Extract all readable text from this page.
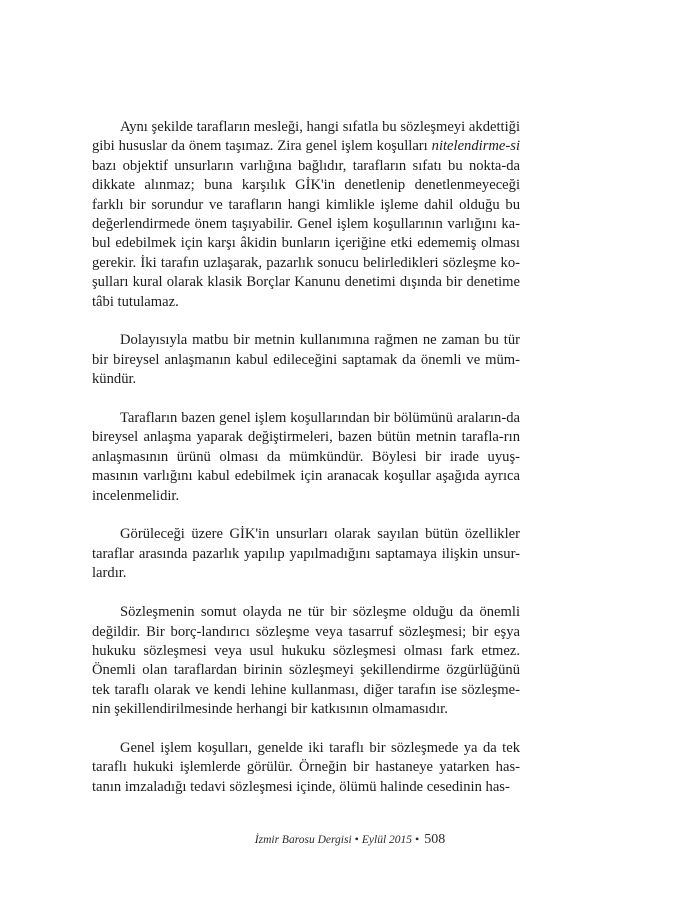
Aynı şekilde tarafların mesleği, hangi sıfatla bu sözleşmeyi akdettiği gibi hususlar da önem taşımaz. Zira genel işlem koşulları nitelendirme-si bazı objektif unsurların varlığına bağlıdır, tarafların sıfatı bu nokta-da dikkate alınmaz; buna karşılık GİK'in denetlenip denetlenmeyeceği farklı bir sorundur ve tarafların hangi kimlikle işleme dahil olduğu bu değerlendirmede önem taşıyabilir. Genel işlem koşullarının varlığını ka-bul edebilmek için karşı âkidin bunların içeriğine etki edememiş olması gerekir. İki tarafın uzlaşarak, pazarlık sonucu belirledikleri sözleşme ko-şulları kural olarak klasik Borçlar Kanunu denetimi dışında bir denetime tâbi tutulamaz.

Dolayısıyla matbu bir metnin kullanımına rağmen ne zaman bu tür bir bireysel anlaşmanın kabul edileceğini saptamak da önemli ve müm-kündür.

Tarafların bazen genel işlem koşullarından bir bölümünü araların-da bireysel anlaşma yaparak değiştirmeleri, bazen bütün metnin tarafla-rın anlaşmasının ürünü olması da mümkündür. Böylesi bir irade uyuş-masının varlığını kabul edebilmek için aranacak koşullar aşağıda ayrıca incelenmelidir.

Görüleceği üzere GİK'in unsurları olarak sayılan bütün özellikler taraflar arasında pazarlık yapılıp yapılmadığını saptamaya ilişkin unsur-lardır.

Sözleşmenin somut olayda ne tür bir sözleşme olduğu da önemli değildir. Bir borç-landırıcı sözleşme veya tasarruf sözleşmesi; bir eşya hukuku sözleşmesi veya usul hukuku sözleşmesi olması fark etmez. Önemli olan taraflardan birinin sözleşmeyi şekillendirme özgürlüğünü tek taraflı olarak ve kendi lehine kullanması, diğer tarafın ise sözleşme-nin şekillendirilmesinde herhangi bir katkısının olmamasıdır.

Genel işlem koşulları, genelde iki taraflı bir sözleşmede ya da tek taraflı hukuki işlemlerde görülür. Örneğin bir hastaneye yatarken has-tanın imzaladığı tedavi sözleşmesi içinde, ölümü halinde cesedinin has-

İzmir Barosu Dergisi • Eylül 2015 • 508
